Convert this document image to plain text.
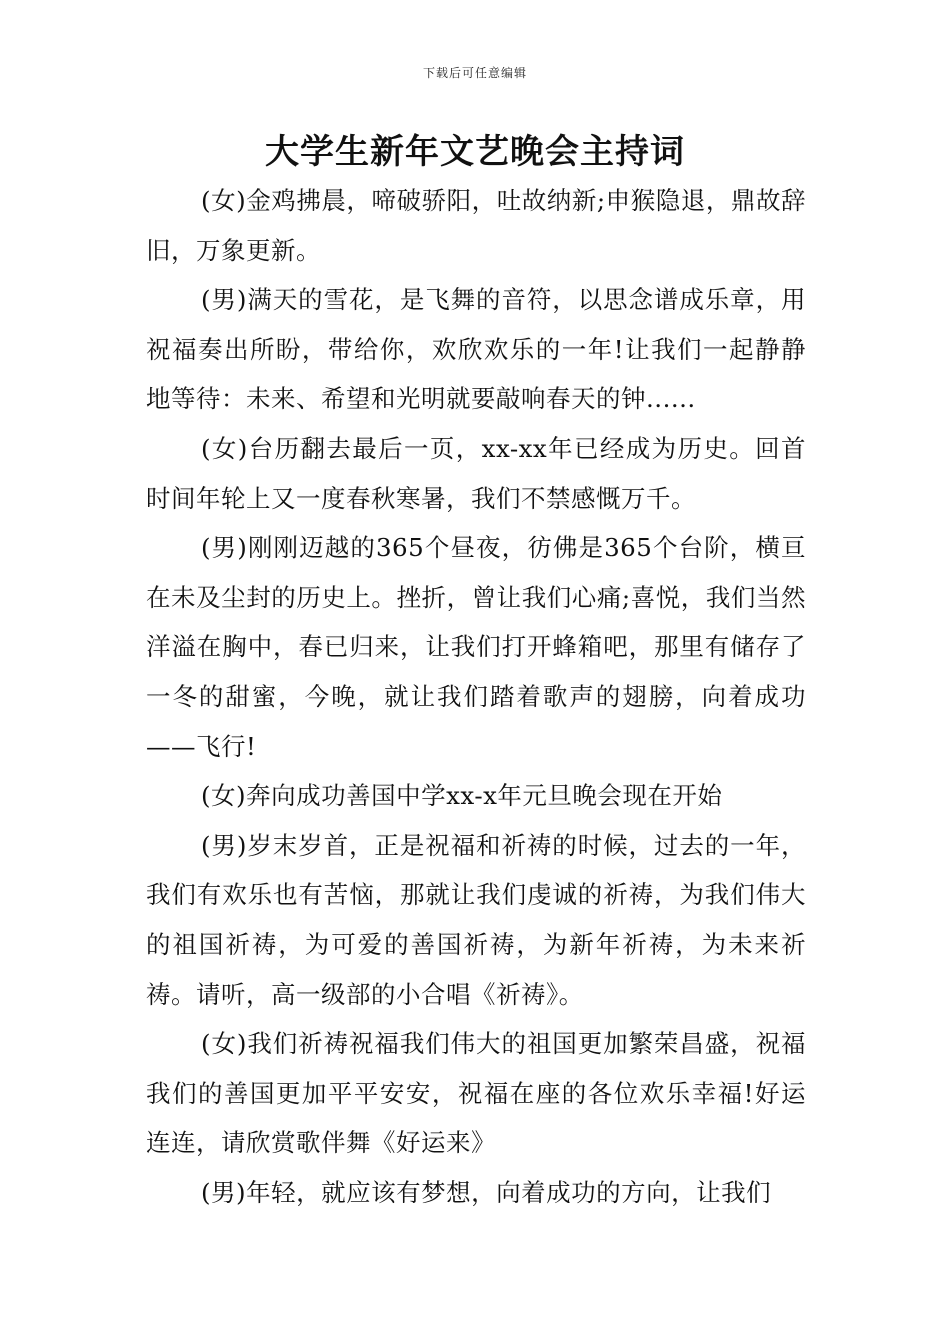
下载后可任意编辑
大学生新年文艺晚会主持词

(女)金鸡拂晨，啼破骄阳，吐故纳新;申猴隐退，鼎故辞旧，万象更新。

(男)满天的雪花，是飞舞的音符，以思念谱成乐章，用祝福奏出所盼，带给你，欢欣欢乐的一年!让我们一起静静地等待：未来、希望和光明就要敲响春天的钟......

(女)台历翻去最后一页，xx-xx年已经成为历史。回首时间年轮上又一度春秋寒暑，我们不禁感慨万千。

(男)刚刚迈越的365个昼夜，彷佛是365个台阶，横亘在未及尘封的历史上。挫折，曾让我们心痛;喜悦，我们当然洋溢在胸中，春已归来，让我们打开蜂箱吧，那里有储存了一冬的甜蜜，今晚，就让我们踏着歌声的翅膀，向着成功——飞行!

(女)奔向成功善国中学xx-x年元旦晚会现在开始

(男)岁末岁首，正是祝福和祈祷的时候，过去的一年，我们有欢乐也有苦恼，那就让我们虔诚的祈祷，为我们伟大的祖国祈祷，为可爱的善国祈祷，为新年祈祷，为未来祈祷。请听，高一级部的小合唱《祈祷》。

(女)我们祈祷祝福我们伟大的祖国更加繁荣昌盛，祝福我们的善国更加平平安安，祝福在座的各位欢乐幸福!好运连连，请欣赏歌伴舞《好运来》

(男)年轻，就应该有梦想，向着成功的方向，让我们
